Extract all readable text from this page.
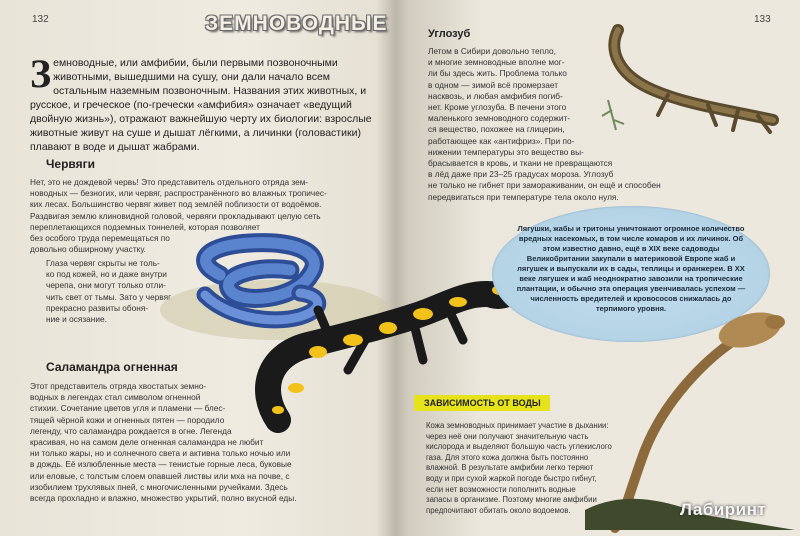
132	133
ЗЕМНОВОДНЫЕ

Земноводные, или амфибии, были первыми позвоночными животными, вышедшими на сушу, они дали начало всем остальным наземным позвоночным. Названия этих животных, и русское, и греческое (по-гречески «амфибия» означает «ведущий двойную жизнь»), отражают важнейшую черту их биологии: взрослые животные живут на суше и дышат лёгкими, а личинки (головастики) плавают в воде и дышат жабрами.

Червяги

Нет, это не дождевой червь! Это представитель отдельного отряда зем-
новодных — безногих, или червяг, распространённого во влажных тропичес-
ких лесах. Большинство червяг живет под землёй поблизости от водоёмов.
Раздвигая землю клиновидной головой, червяги прокладывают целую сеть
переплетающихся подземных тоннелей, которая позволяет
без особого труда перемещаться по
довольно обширному участку.

Глаза червяг скрыты не толь-
ко под кожей, но и даже внутри
черепа, они могут только отли-
чить свет от тьмы. Зато у червяг
прекрасно развиты обоня-
ние и осязание.

Саламандра огненная

Этот представитель отряда хвостатых земно-
водных в легендах стал символом огненной
стихии. Сочетание цветов угля и пламени — блес-
тящей чёрной кожи и огненных пятен — породило
легенду, что саламандра рождается в огне. Легенда
красивая, но на самом деле огненная саламандра не любит
ни только жары, но и солнечного света и активна только ночью или
в дождь. Её излюбленные места — тенистые горные леса, буковые
или еловые, с толстым слоем опавшей листвы или мха на почве, с
изобилием трухлявых пней, с многочисленными ручейками. Здесь
всегда прохладно и влажно, множество укрытий, полно вкусной еды.

Углозуб

Летом в Сибири довольно тепло,
и многие земноводные вполне мог-
ли бы здесь жить. Проблема только
в одном — зимой всё промерзает
насквозь, и любая амфибия погиб-
нет. Кроме углозуба. В печени этого
маленького земноводного содержит-
ся вещество, похожее на глицерин,
работающее как «антифриз». При по-
нижении температуры это вещество вы-
брасывается в кровь, и ткани не превращаются
в лёд даже при 23–25 градусах мороза. Углозуб
не только не гибнет при замораживании, он ещё и способен
передвигаться при температуре тела около нуля.

Лягушки, жабы и тритоны уничтожают огромное количество вредных насекомых, в том числе комаров и их личинок. Об этом известно давно, ещё в XIX веке садоводы Великобритании закупали в материковой Европе жаб и лягушек и выпускали их в сады, теплицы и оранжереи. В XX веке лягушек и жаб неоднократно завозили на тропические плантации, и обычно эта операция увенчивалась успехом — численность вредителей и кровососов снижалась до терпимого уровня.

ЗАВИСИМОСТЬ ОТ ВОДЫ

Кожа земноводных принимает участие в дыхании:
через неё они получают значительную часть
кислорода и выделяют большую часть углекислого
газа. Для этого кожа должна быть постоянно
влажной. В результате амфибии легко теряют
воду и при сухой жаркой погоде быстро гибнут,
если нет возможности пополнить водные
запасы в организме. Поэтому многие амфибии
предпочитают обитать около водоемов.	Лабиринт
